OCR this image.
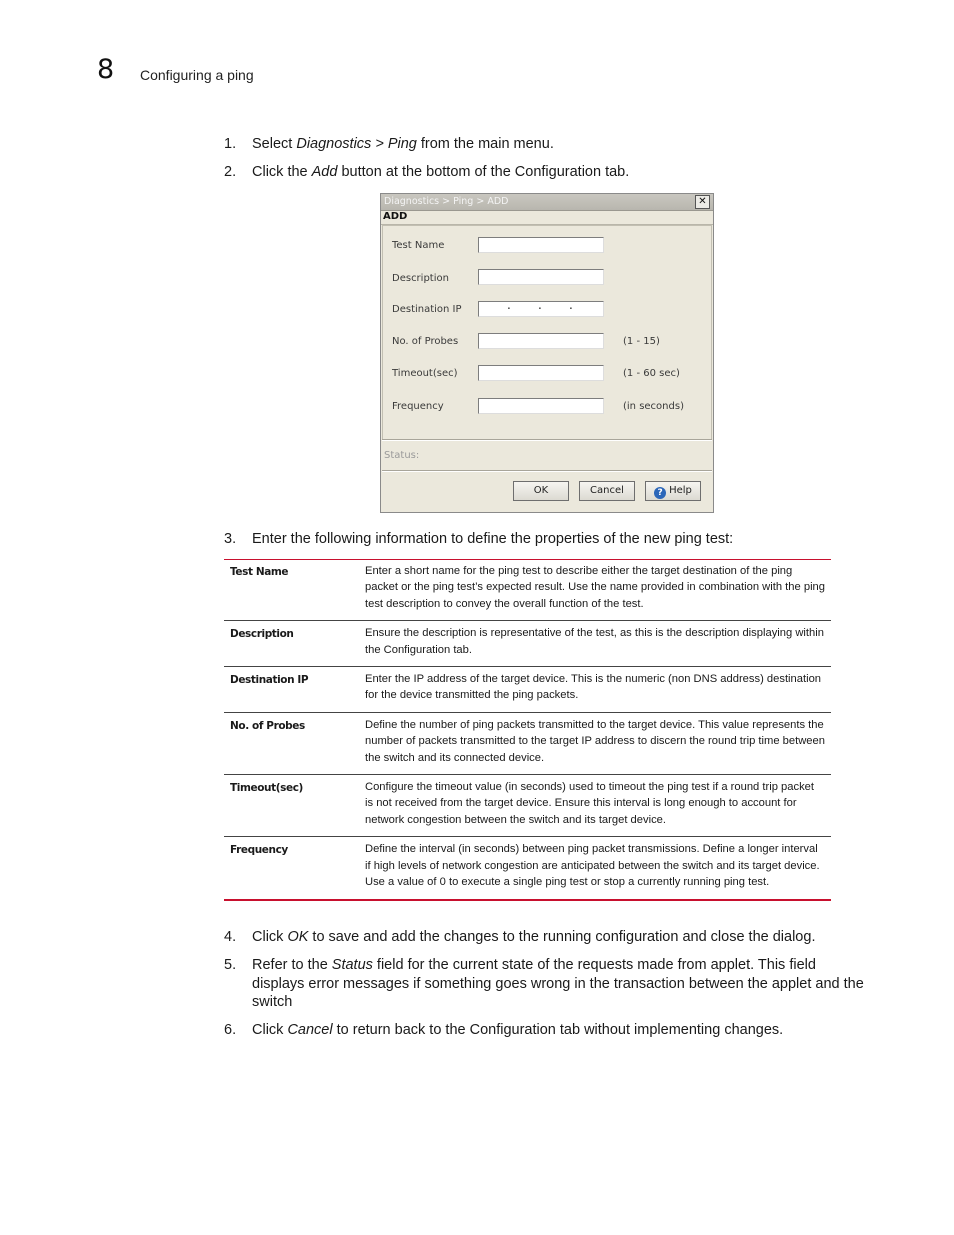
8 Configuring a ping
1. Select Diagnostics > Ping from the main menu.
2. Click the Add button at the bottom of the Configuration tab.
Diagnostics > Ping > ADD	✕
ADD
Test Name
Description
Destination IP	. . .
No. of Probes	(1 - 15)
Timeout(sec)	(1 - 60 sec)
Frequency	(in seconds)
Status:
OK	Cancel	? Help
3. Enter the following information to define the properties of the new ping test:
Test Name	Enter a short name for the ping test to describe either the target destination of the ping packet or the ping test’s expected result. Use the name provided in combination with the ping test description to convey the overall function of the test.
Description	Ensure the description is representative of the test, as this is the description displaying within the Configuration tab.
Destination IP	Enter the IP address of the target device. This is the numeric (non DNS address) destination for the device transmitted the ping packets.
No. of Probes	Define the number of ping packets transmitted to the target device. This value represents the number of packets transmitted to the target IP address to discern the round trip time between the switch and its connected device.
Timeout(sec)	Configure the timeout value (in seconds) used to timeout the ping test if a round trip packet is not received from the target device. Ensure this interval is long enough to account for network congestion between the switch and its target device.
Frequency	Define the interval (in seconds) between ping packet transmissions. Define a longer interval if high levels of network congestion are anticipated between the switch and its target device. Use a value of 0 to execute a single ping test or stop a currently running ping test.
4. Click OK to save and add the changes to the running configuration and close the dialog.
5. Refer to the Status field for the current state of the requests made from applet. This field displays error messages if something goes wrong in the transaction between the applet and the switch
6. Click Cancel to return back to the Configuration tab without implementing changes.
